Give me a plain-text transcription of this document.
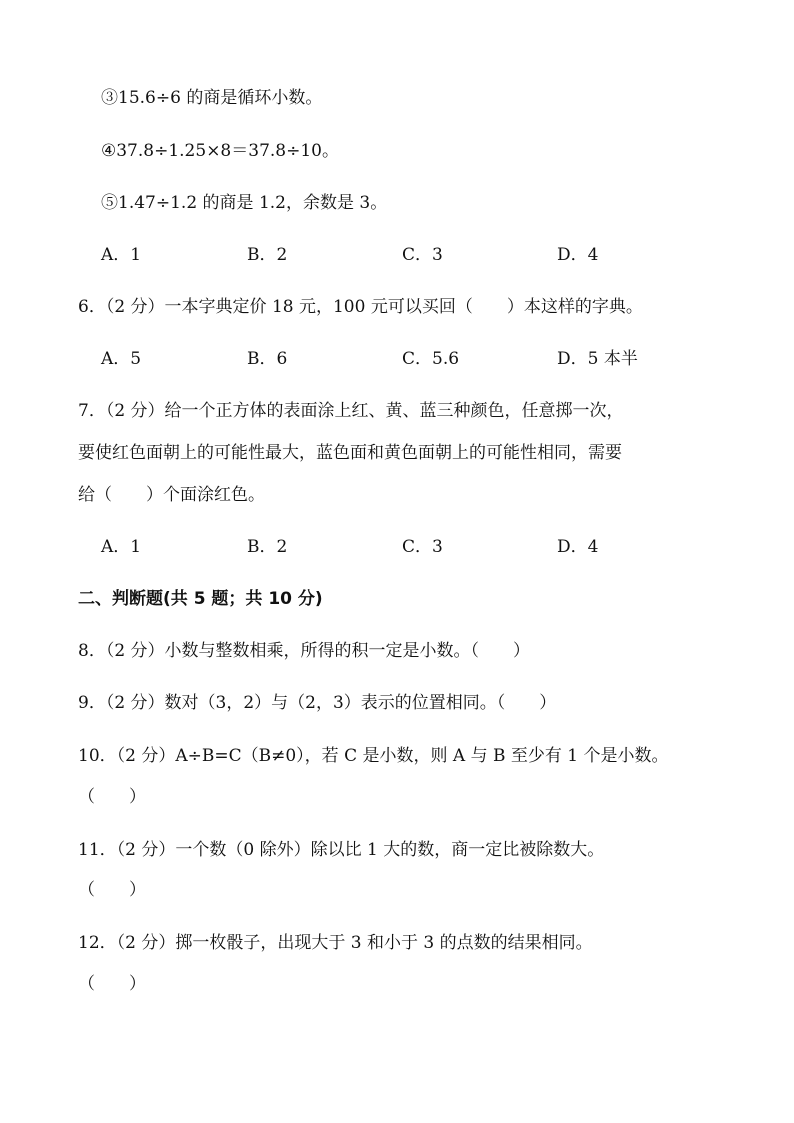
③15.6÷6 的商是循环小数。
④37.8÷1.25×8＝37.8÷10。
⑤1.47÷1.2 的商是 1.2，余数是 3。
A．1	B．2	C．3	D．4
6．（2 分）一本字典定价 18 元，100 元可以买回（　　）本这样的字典。
A．5	B．6	C．5.6	D．5 本半
7．（2 分）给一个正方体的表面涂上红、黄、蓝三种颜色，任意掷一次，
要使红色面朝上的可能性最大，蓝色面和黄色面朝上的可能性相同，需要
给（　　）个面涂红色。
A．1	B．2	C．3	D．4
二、判断题(共 5 题；共 10 分)
8．（2 分）小数与整数相乘，所得的积一定是小数。（　　）
9．（2 分）数对（3，2）与（2，3）表示的位置相同。（　　）
10．（2 分）A÷B=C（B≠0），若 C 是小数，则 A 与 B 至少有 1 个是小数。
（　　）
11．（2 分）一个数（0 除外）除以比 1 大的数，商一定比被除数大。
（　　）
12．（2 分）掷一枚骰子，出现大于 3 和小于 3 的点数的结果相同。
（　　）
